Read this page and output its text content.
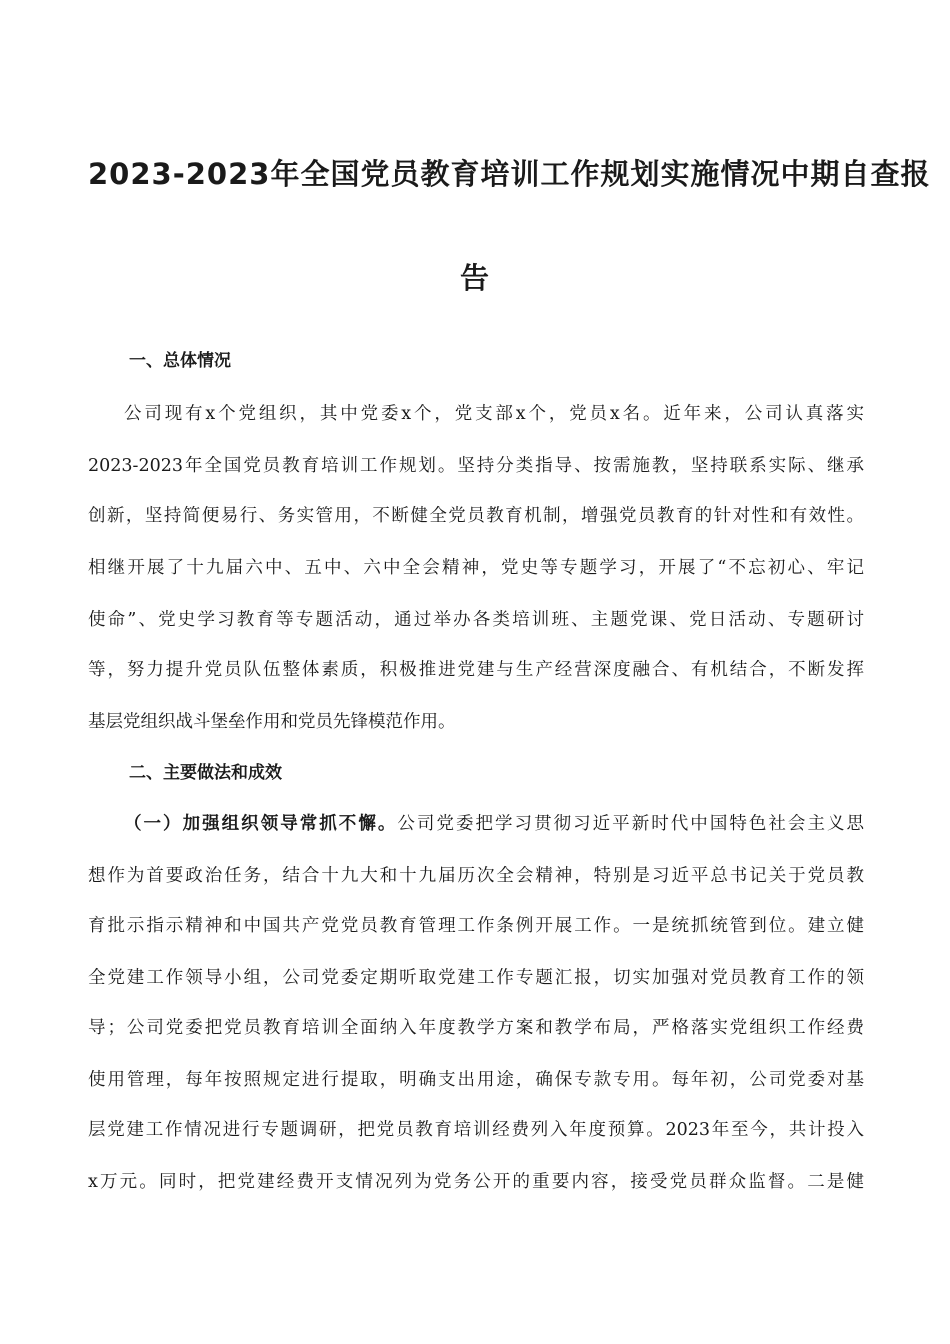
2023-2023年全国党员教育培训工作规划实施情况中期自查报
告
一、总体情况
公司现有x个党组织，其中党委x个，党支部x个，党员x名。近年来，公司认真落实
2023-2023年全国党员教育培训工作规划。坚持分类指导、按需施教，坚持联系实际、继承
创新，坚持简便易行、务实管用，不断健全党员教育机制，增强党员教育的针对性和有效性。
相继开展了十九届六中、五中、六中全会精神，党史等专题学习，开展了“不忘初心、牢记
使命”、党史学习教育等专题活动，通过举办各类培训班、主题党课、党日活动、专题研讨
等，努力提升党员队伍整体素质，积极推进党建与生产经营深度融合、有机结合，不断发挥
基层党组织战斗堡垒作用和党员先锋模范作用。
二、主要做法和成效
（一）加强组织领导常抓不懈。公司党委把学习贯彻习近平新时代中国特色社会主义思
想作为首要政治任务，结合十九大和十九届历次全会精神，特别是习近平总书记关于党员教
育批示指示精神和中国共产党党员教育管理工作条例开展工作。一是统抓统管到位。建立健
全党建工作领导小组，公司党委定期听取党建工作专题汇报，切实加强对党员教育工作的领
导；公司党委把党员教育培训全面纳入年度教学方案和教学布局，严格落实党组织工作经费
使用管理，每年按照规定进行提取，明确支出用途，确保专款专用。每年初，公司党委对基
层党建工作情况进行专题调研，把党员教育培训经费列入年度预算。2023年至今，共计投入
x万元。同时，把党建经费开支情况列为党务公开的重要内容，接受党员群众监督。二是健
